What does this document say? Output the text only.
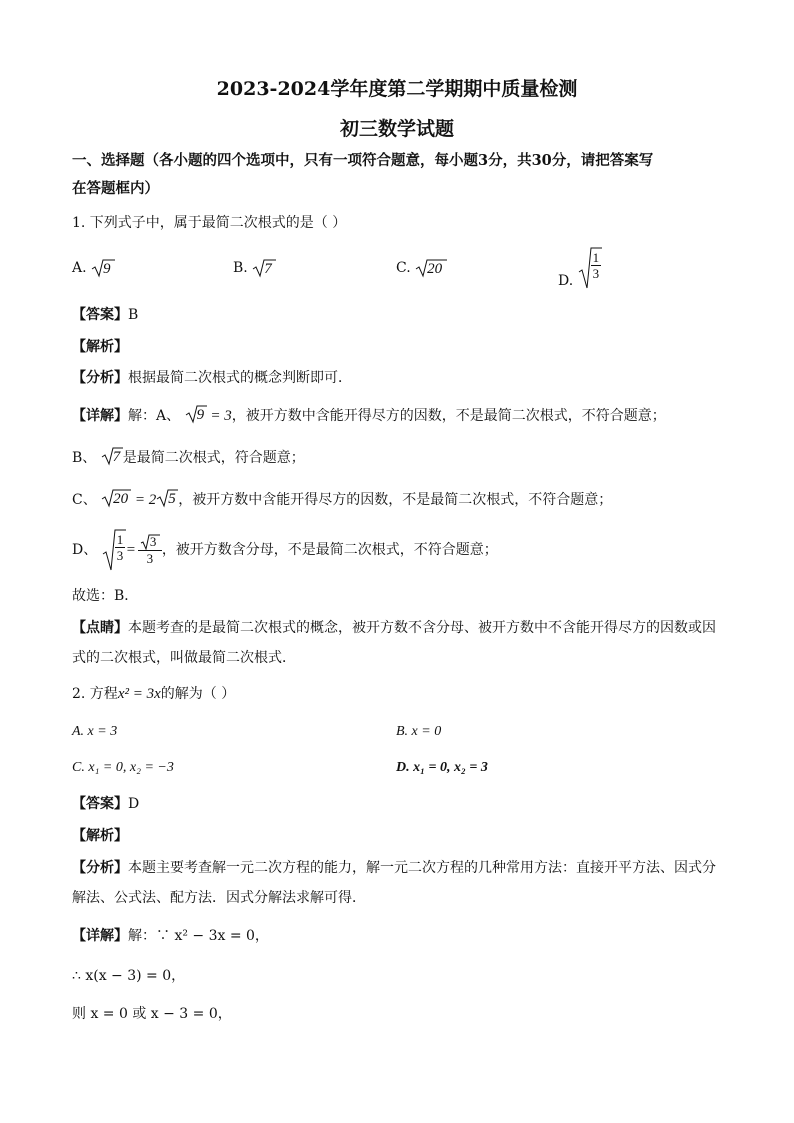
2023-2024学年度第二学期期中质量检测
初三数学试题
一、选择题（各小题的四个选项中，只有一项符合题意，每小题3分，共30分，请把答案写
在答题框内）
1. 下列式子中，属于最简二次根式的是（ ）
A. 9	B. 7	C. 20
D. $\frac{1}{3}$
【答案】B
【解析】
【分析】根据最简二次根式的概念判断即可．
【详解】解：A、 9 = 3，被开方数中含能开得尽方的因数，不是最简二次根式，不符合题意；
B、 7 是最简二次根式，符合题意；
C、 20 = 2 5 ，被开方数中含能开得尽方的因数，不是最简二次根式，不符合题意；
D、 $\frac{1}{3} = \frac{3}{3}$ ，被开方数含分母，不是最简二次根式，不符合题意；
故选：B．
【点睛】本题考查的是最简二次根式的概念，被开方数不含分母、被开方数中不含能开得尽方的因数或因
式的二次根式，叫做最简二次根式．
2. 方程x² = 3x的解为（ ）
A. x = 3	B. x = 0
C. x₁ = 0, x₂ = −3	D. x₁ = 0, x₂ = 3
【答案】D
【解析】
【分析】本题主要考查解一元二次方程的能力，解一元二次方程的几种常用方法：直接开平方法、因式分
解法、公式法、配方法．因式分解法求解可得．
【详解】解：∵ x² − 3x = 0，
∴ x(x − 3) = 0，
则 x = 0 或 x − 3 = 0，
